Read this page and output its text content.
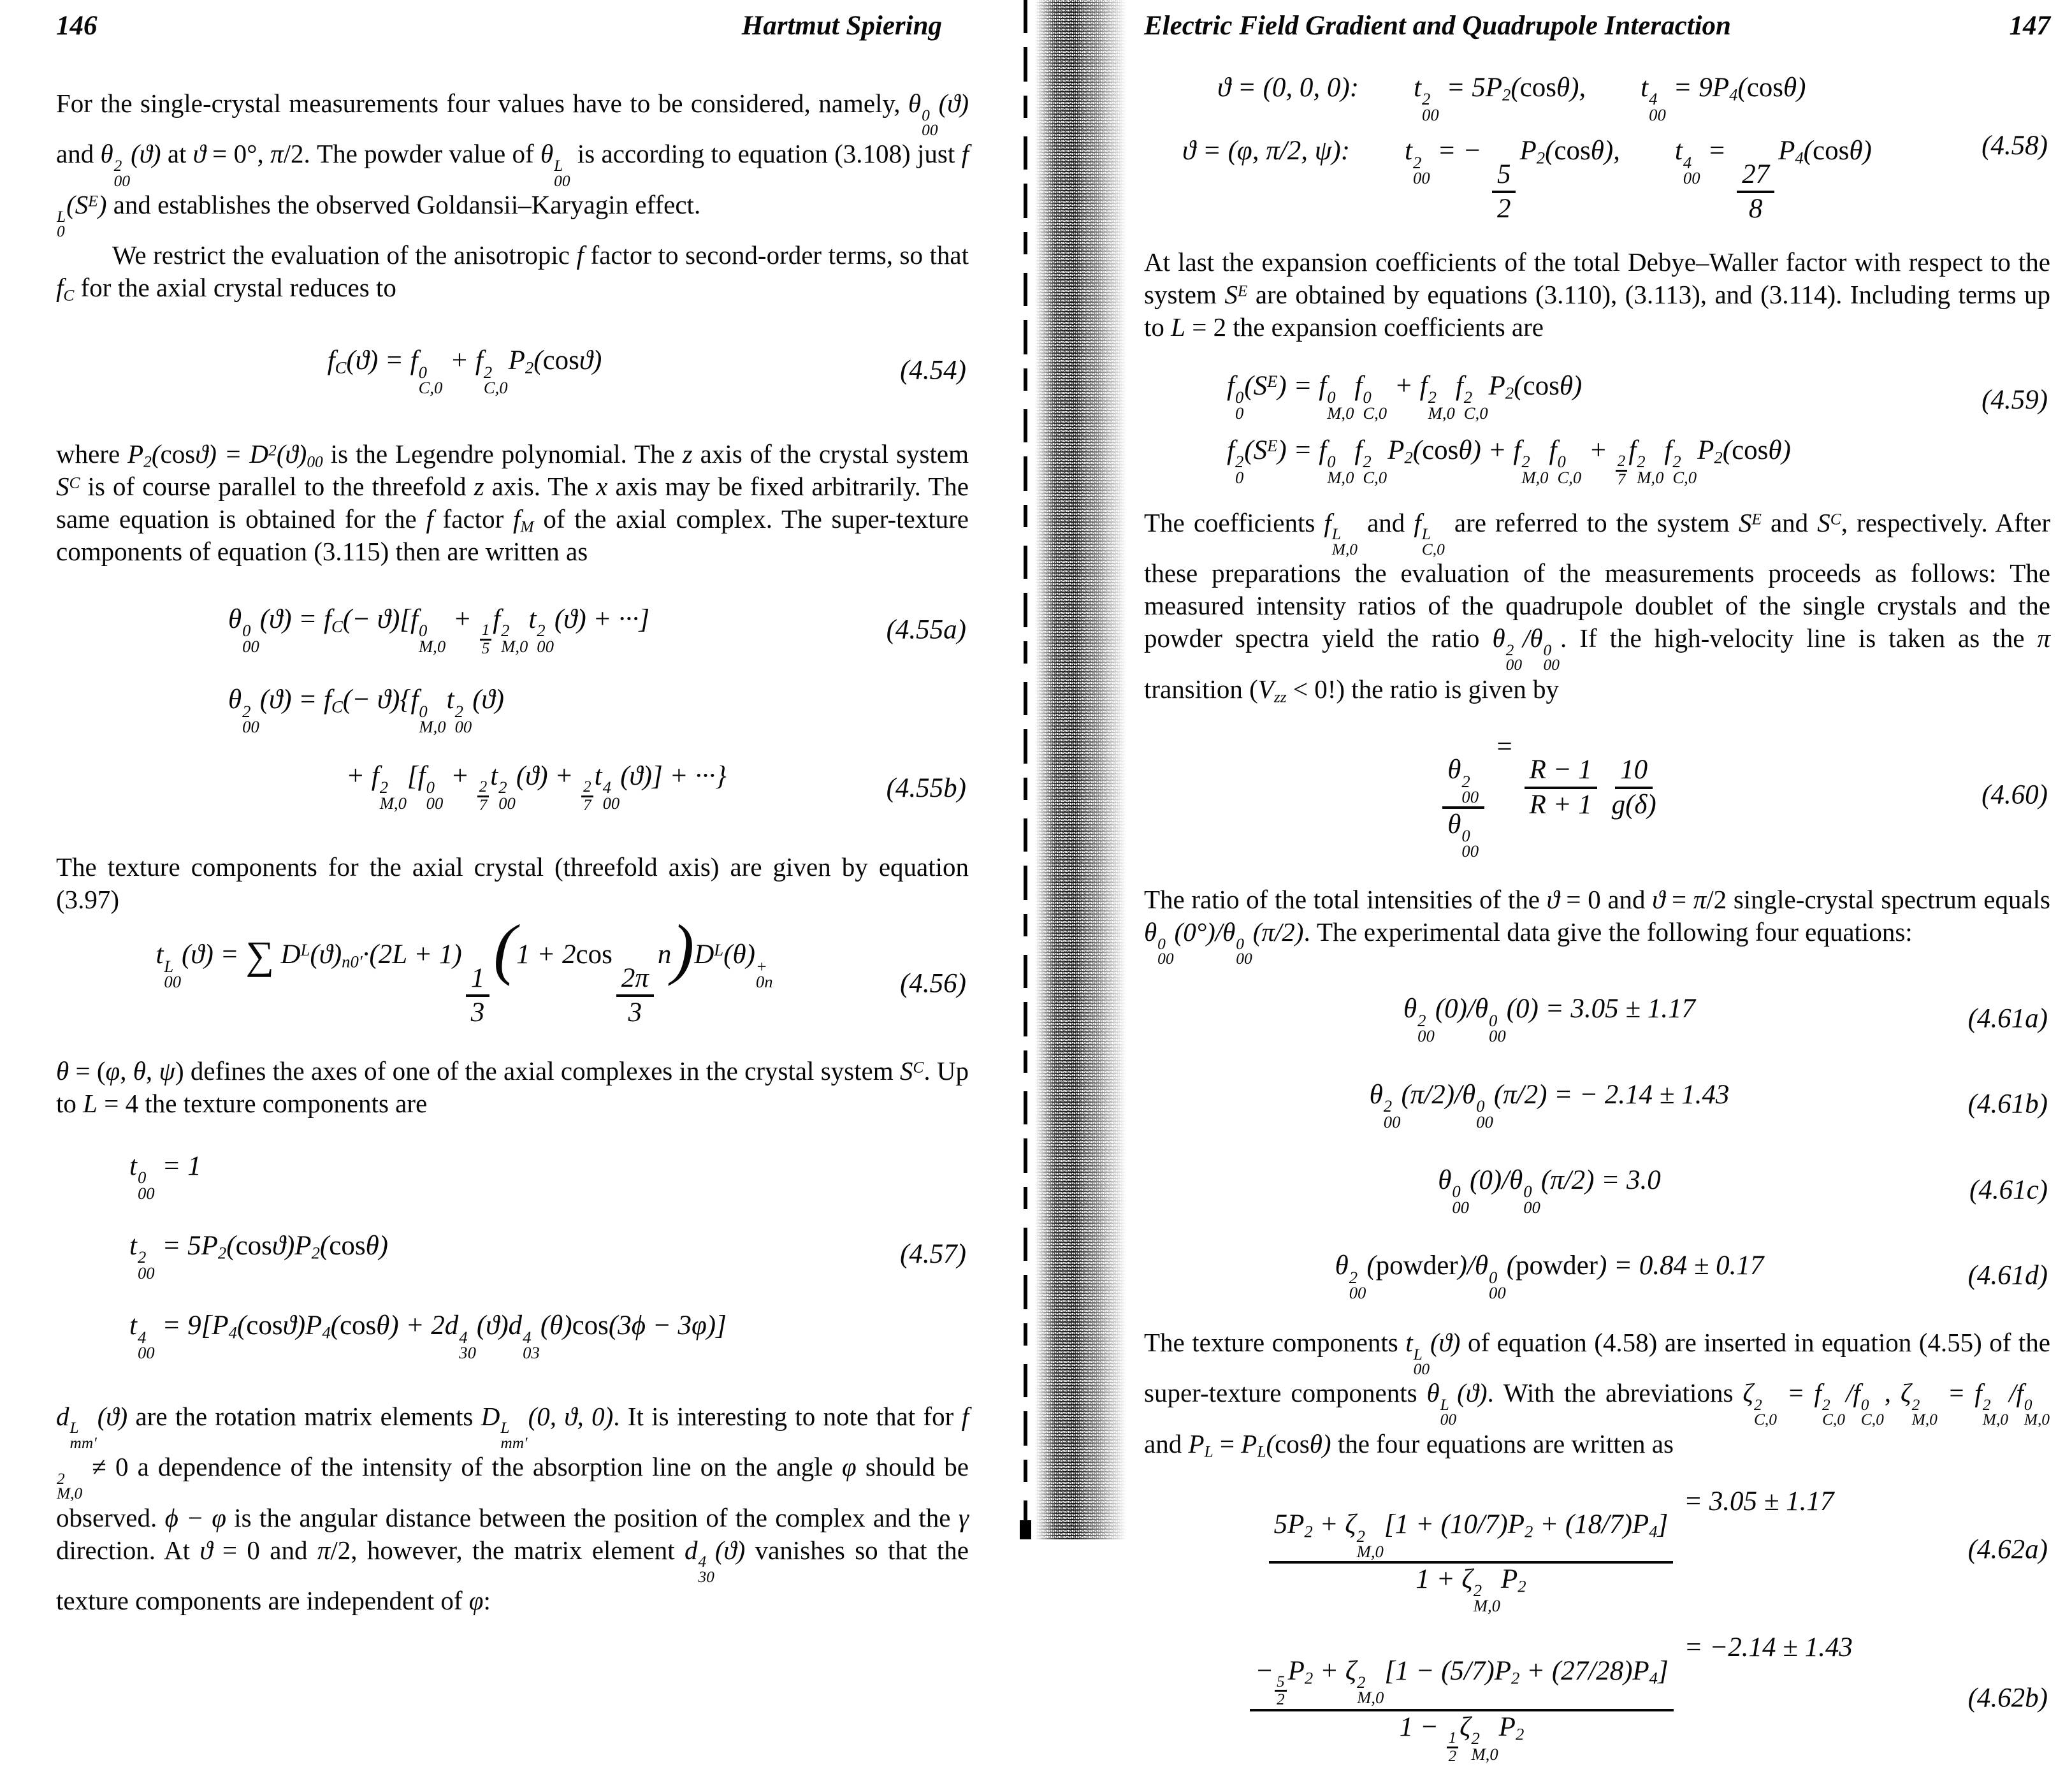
146	Hartmut Spiering

For the single-crystal measurements four values have to be considered, namely, θ 0
00
(ϑ) and θ 2
00
(ϑ) at ϑ = 0°, π/2. The powder value of θ L
00
is according to equation (3.108) just f
L
0
$(S^E)$ and establishes the observed Goldansii–Karyagin effect.

We restrict the evaluation of the anisotropic f factor to second-order terms, so that $f_C$ for the axial crystal reduces to

$f_C(ϑ) = f$ 0
C,0
+ f 2
C,0
$P_2(\cos ϑ)$	(4.54)

where $P_2(\cos ϑ) = D^2(ϑ)_{00}$ is the Legendre polynomial. The z axis of the crystal system $S^C$ is of course parallel to the threefold z axis. The x axis may be fixed arbitrarily. The same equation is obtained for the f factor $f_M$ of the axial complex. The super-texture components of equation (3.115) then are written as

θ 0
00
$(ϑ) = f_C(- ϑ)[f$ 0
M,0
+
$\frac{1}{5}$
f 2
M,0
t 2
00
(ϑ) + ···]	(4.55a)
θ 2
00
$(ϑ) = f_C(- ϑ)\{f$ 0
M,0
t 2
00
(ϑ)
+ f 2
M,0
[f 0
00
+
$\frac{2}{7}$
t 2
00
(ϑ) +
$\frac{2}{7}$
t 4
00
(ϑ)] + ···}	(4.55b)

The texture components for the axial crystal (threefold axis) are given by equation (3.97)

t L
00
(ϑ) = ∑ $D^L(ϑ)_{n0'}\cdot(2L + 1)$
$\frac{1}{3}$
(1 + 2cos
$\frac{2\pi}{3}$
$n)D^L(\theta)$ +
0n	(4.56)

θ = (φ, θ, ψ) defines the axes of one of the axial complexes in the crystal system $S^C$. Up to L = 4 the texture components are

t 0
00
= 1
t 2
00
= $5P_2(\cos ϑ)P_2(\cos\theta)$
t 4
00
= $9[P_4(\cos ϑ)P_4(\cos\theta) + 2d$ 4
30
(ϑ)d 4
03
(θ)cos(3ϕ − 3φ)]
(4.57)

d L
mm′
(ϑ) are the rotation matrix elements D L
mm′
(0, ϑ, 0). It is interesting to note that for f
2
M,0
≠ 0 a dependence of the intensity of the absorption line on the angle φ should be observed. ϕ − φ is the angular distance between the position of the complex and the γ direction. At ϑ = 0 and π/2, however, the matrix element d 4
30
(ϑ) vanishes so that the texture components are independent of φ:

Electric Field Gradient and Quadrupole Interaction	147
ϑ = (0, 0, 0):  t 2
00
= $5P_2(\cos\theta)$,  t 4
00
= $9P_4(\cos\theta)$
ϑ = (φ, π/2, ψ):  t 2
00
= −
$\frac{5}{2}$
$P_2(\cos\theta)$,  t 4
00
=
$\frac{27}{8}$
$P_4(\cos\theta)$	(4.58)

At last the expansion coefficients of the total Debye–Waller factor with respect to the system $S^E$ are obtained by equations (3.110), (3.113), and (3.114). Including terms up to L = 2 the expansion coefficients are

f 0
0
$(S^E) = f$ 0
M,0
f 0
C,0
+ f 2
M,0
f 2
C,0
$P_2(\cos\theta)$
f 2
0
$(S^E) = f$ 0
M,0
f 2
C,0
$P_2(\cos\theta) + f$ 2
M,0
f 0
C,0
+
$\frac{2}{7}$
f 2
M,0
f 2
C,0
$P_2(\cos\theta)$
(4.59)

The coefficients f L
M,0
and f L
C,0
are referred to the system $S^E$ and $S^C$, respectively. After these preparations the evaluation of the measurements proceeds as follows: The measured intensity ratios of the quadrupole doublet of the single crystals and the powder spectra yield the ratio θ 2
00
/θ 0
00
. If the high-velocity line is taken as the π transition $(V_{zz} < 0!)$ the ratio is given by

θ 2
00
θ 0
00
=
$\frac{R - 1}{R + 1}$
$\frac{10}{g(\delta)}$	(4.60)

The ratio of the total intensities of the ϑ = 0 and ϑ = π/2 single-crystal spectrum equals θ 0
00
(0°)/θ 0
00
(π/2). The experimental data give the following four equations:

θ 2
00
(0)/θ 0
00
(0) = 3.05 ± 1.17	(4.61a)
θ 2
00
(π/2)/θ 0
00
(π/2) = − 2.14 ± 1.43	(4.61b)
θ 0
00
(0)/θ 0
00
(π/2) = 3.0	(4.61c)
θ 2
00
(powder)/θ 0
00
(powder) = 0.84 ± 0.17	(4.61d)

The texture components t L
00
(ϑ) of equation (4.58) are inserted in equation (4.55) of the super-texture components θ L
00
(ϑ). With the abreviations ζ 2
C,0
= f 2
C,0
/f 0
C,0
, ζ 2
M,0
= f 2
M,0
/f 0
M,0
and $P_L = P_L(\cos\theta)$ the four equations are written as

$5P_2 + \zeta$ 2
M,0
$[1 + (10/7)P_2 + (18/7)P_4]$
1 + ζ 2
M,0
$P_2$
= 3.05 ± 1.17
(4.62a)
−
$\frac{5}{2}$
$P_2 + \zeta$ 2
M,0
$[1 - (5/7)P_2 + (27/28)P_4]$
1 −
$\frac{1}{2}$
ζ 2
M,0
$P_2$
= −2.14 ± 1.43
(4.62b)
